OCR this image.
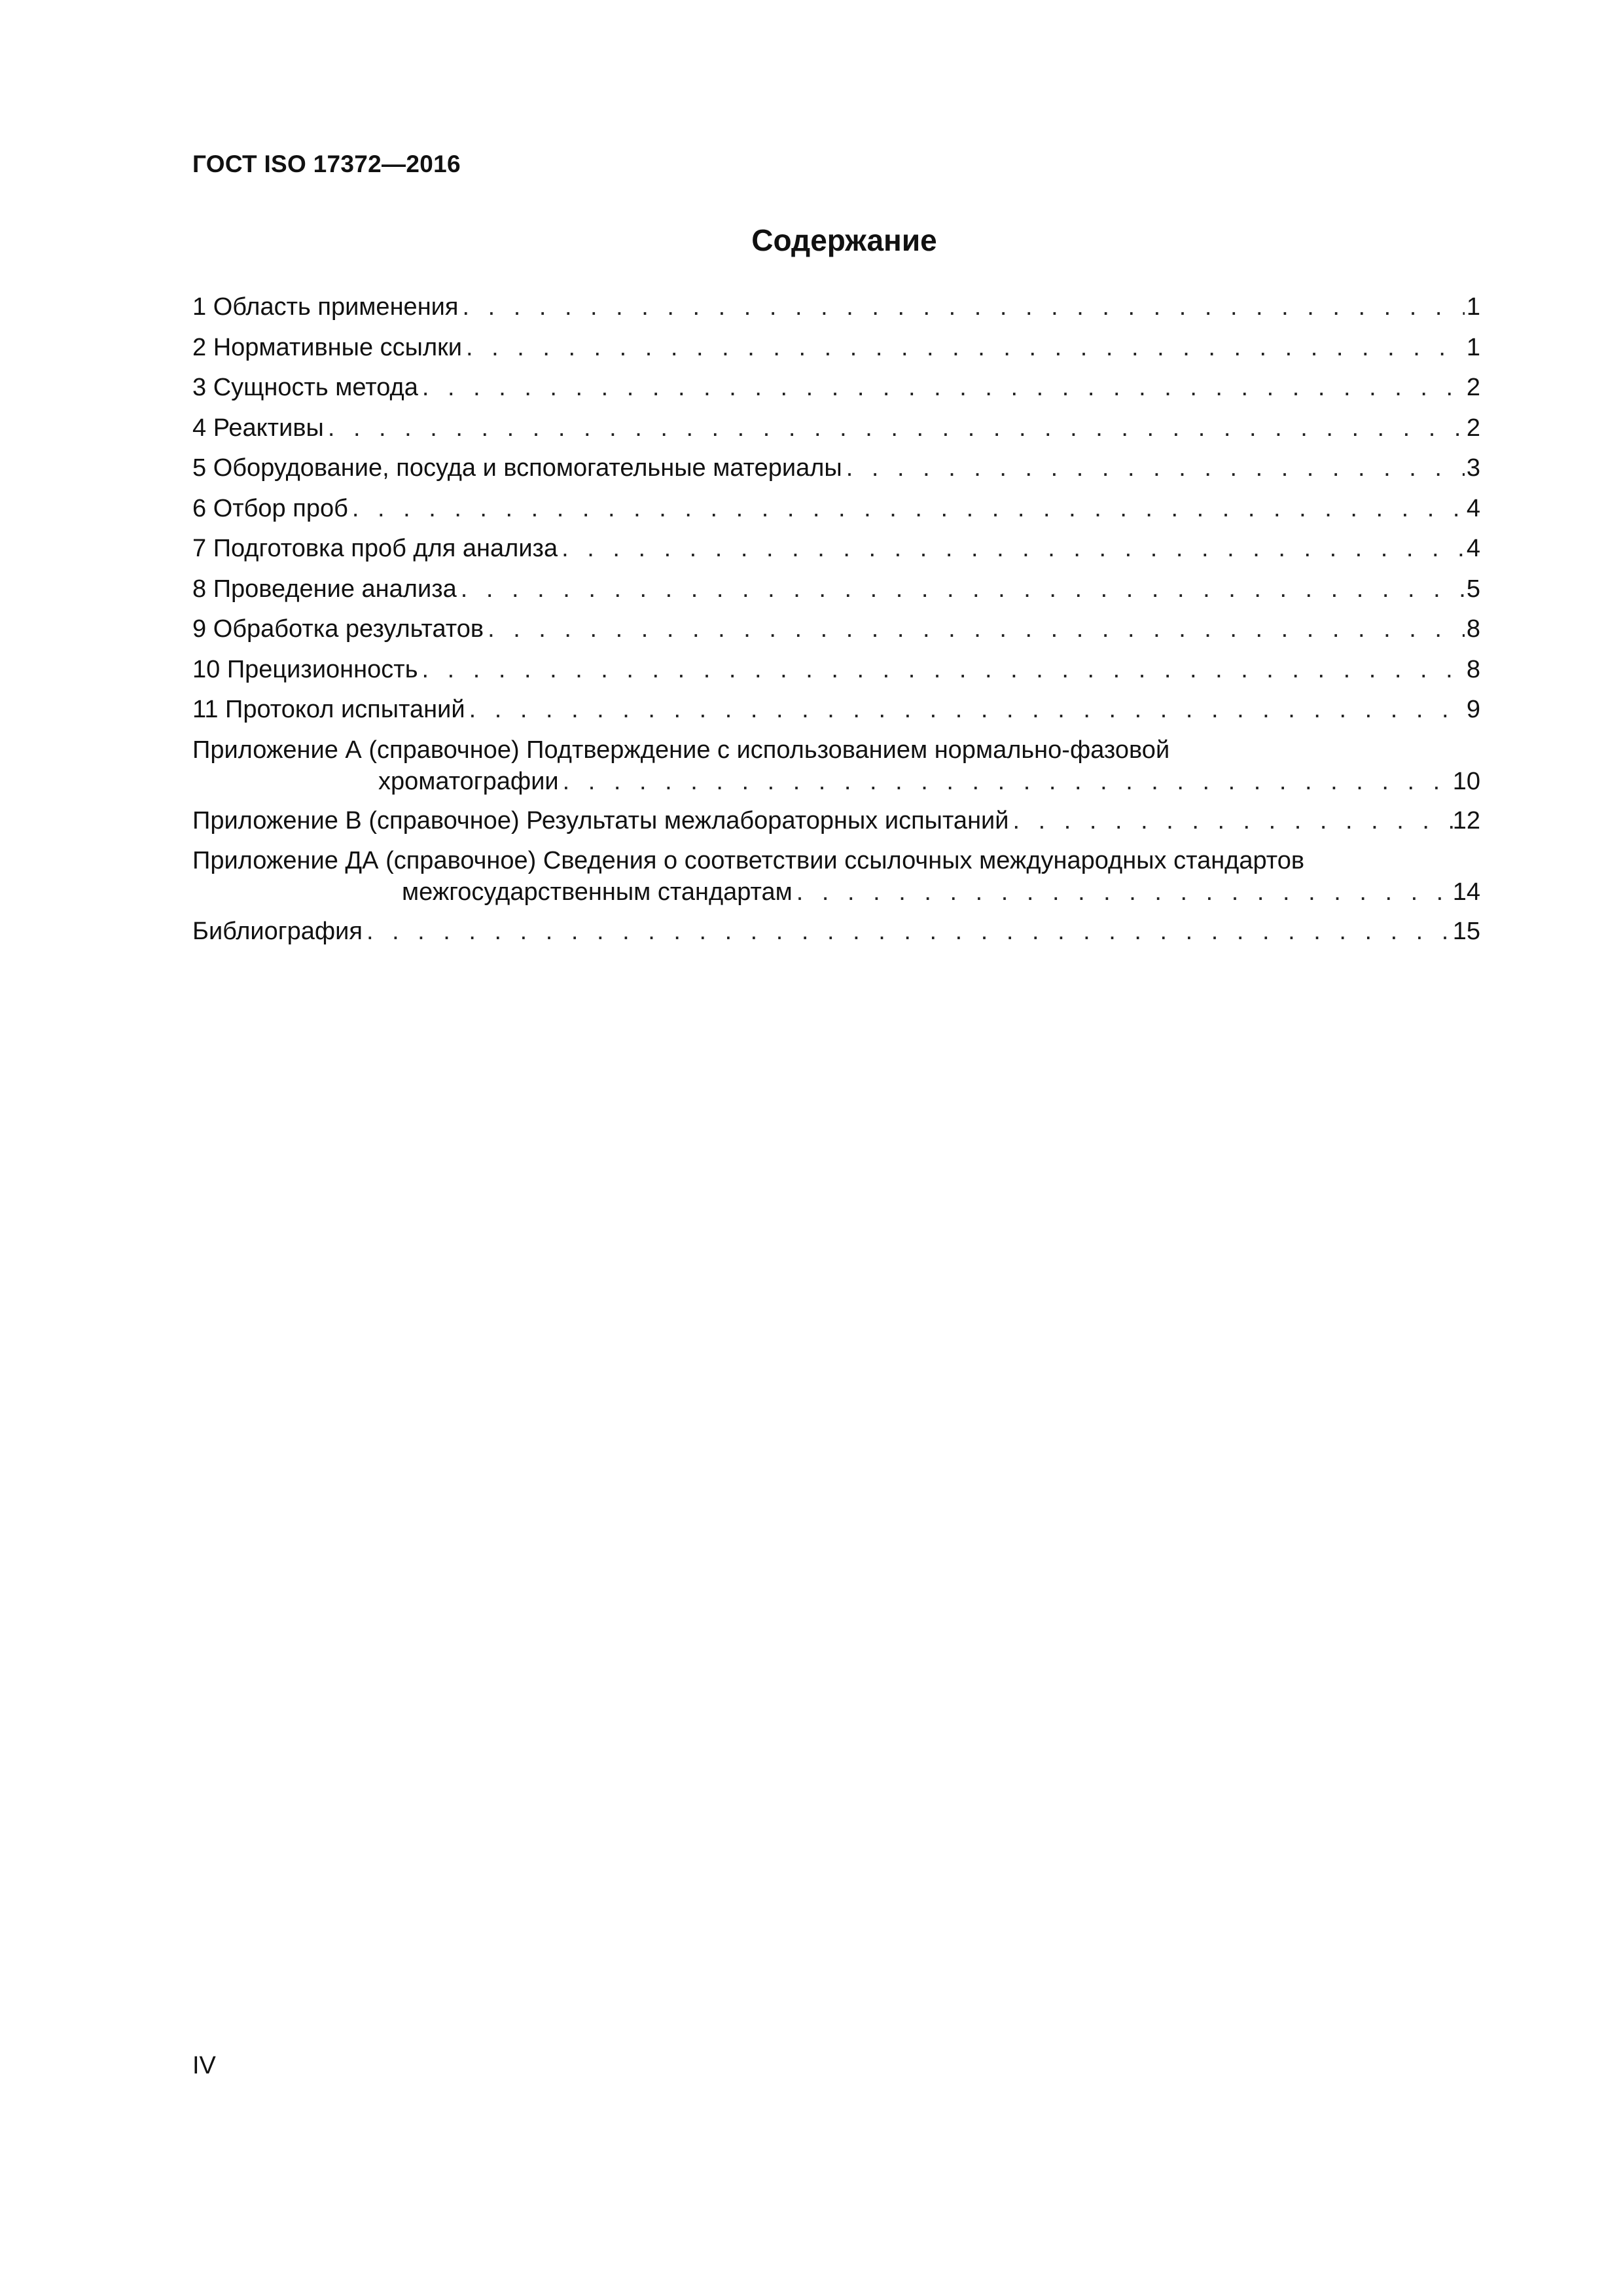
ГОСТ ISO 17372—2016
Содержание
1 Область применения . . .	1
2 Нормативные ссылки . . .	1
3 Сущность метода . . .	2
4 Реактивы . . .	2
5 Оборудование, посуда и вспомогательные материалы . . .	3
6 Отбор проб . . .	4
7 Подготовка проб для анализа . . .	4
8 Проведение анализа . . .	5
9 Обработка результатов . . .	8
10 Прецизионность . . .	8
11 Протокол испытаний . . .	9
Приложение А (справочное) Подтверждение с использованием нормально-фазовой
хроматографии . . .	10
Приложение В (справочное) Результаты межлабораторных испытаний . . .	12
Приложение ДА (справочное) Сведения о соответствии ссылочных международных стандартов
межгосударственным стандартам . . .	14
Библиография . . .	15
IV
